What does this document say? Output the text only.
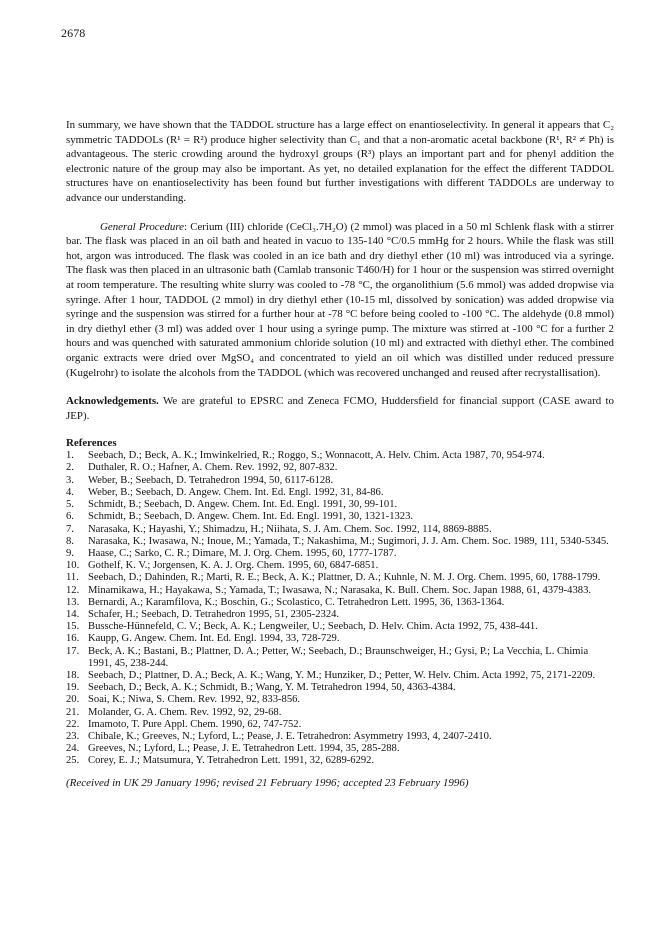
2678

In summary, we have shown that the TADDOL structure has a large effect on enantioselectivity. In general it appears that C₂ symmetric TADDOLs (R¹ = R²) produce higher selectivity than C₁ and that a non-aromatic acetal backbone (R¹, R² ≠ Ph) is advantageous. The steric crowding around the hydroxyl groups (R³) plays an important part and for phenyl addition the electronic nature of the group may also be important. As yet, no detailed explanation for the effect the different TADDOL structures have on enantioselectivity has been found but further investigations with different TADDOLs are underway to advance our understanding.

General Procedure: Cerium (III) chloride (CeCl₃.7H₂O) (2 mmol) was placed in a 50 ml Schlenk flask with a stirrer bar. The flask was placed in an oil bath and heated in vacuo to 135-140 °C/0.5 mmHg for 2 hours. While the flask was still hot, argon was introduced. The flask was cooled in an ice bath and dry diethyl ether (10 ml) was introduced via a syringe. The flask was then placed in an ultrasonic bath (Camlab transonic T460/H) for 1 hour or the suspension was stirred overnight at room temperature. The resulting white slurry was cooled to -78 °C, the organolithium (5.6 mmol) was added dropwise via syringe. After 1 hour, TADDOL (2 mmol) in dry diethyl ether (10-15 ml, dissolved by sonication) was added dropwise via syringe and the suspension was stirred for a further hour at -78 °C before being cooled to -100 °C. The aldehyde (0.8 mmol) in dry diethyl ether (3 ml) was added over 1 hour using a syringe pump. The mixture was stirred at -100 °C for a further 2 hours and was quenched with saturated ammonium chloride solution (10 ml) and extracted with diethyl ether. The combined organic extracts were dried over MgSO₄ and concentrated to yield an oil which was distilled under reduced pressure (Kugelrohr) to isolate the alcohols from the TADDOL (which was recovered unchanged and reused after recrystallisation).

Acknowledgements. We are grateful to EPSRC and Zeneca FCMO, Huddersfield for financial support (CASE award to JEP).

References
1.	Seebach, D.; Beck, A. K.; Imwinkelried, R.; Roggo, S.; Wonnacott, A. Helv. Chim. Acta 1987, 70, 954-974.
2.	Duthaler, R. O.; Hafner, A. Chem. Rev. 1992, 92, 807-832.
3.	Weber, B.; Seebach, D. Tetrahedron 1994, 50, 6117-6128.
4.	Weber, B.; Seebach, D. Angew. Chem. Int. Ed. Engl. 1992, 31, 84-86.
5.	Schmidt, B.; Seebach, D. Angew. Chem. Int. Ed. Engl. 1991, 30, 99-101.
6.	Schmidt, B.; Seebach, D. Angew. Chem. Int. Ed. Engl. 1991, 30, 1321-1323.
7.	Narasaka, K.; Hayashi, Y.; Shimadzu, H.; Niihata, S. J. Am. Chem. Soc. 1992, 114, 8869-8885.
8.	Narasaka, K.; Iwasawa, N.; Inoue, M.; Yamada, T.; Nakashima, M.; Sugimori, J. J. Am. Chem. Soc. 1989, 111, 5340-5345.
9.	Haase, C.; Sarko, C. R.; Dimare, M. J. Org. Chem. 1995, 60, 1777-1787.
10. Gothelf, K. V.; Jorgensen, K. A. J. Org. Chem. 1995, 60, 6847-6851.
11. Seebach, D.; Dahinden, R.; Marti, R. E.; Beck, A. K.; Plattner, D. A.; Kuhnle, N. M. J. Org. Chem. 1995, 60, 1788-1799.
12. Minamikawa, H.; Hayakawa, S.; Yamada, T.; Iwasawa, N.; Narasaka, K. Bull. Chem. Soc. Japan 1988, 61, 4379-4383.
13. Bernardi, A.; Karamfilova, K.; Boschin, G.; Scolastico, C. Tetrahedron Lett. 1995, 36, 1363-1364.
14. Schafer, H.; Seebach, D. Tetrahedron 1995, 51, 2305-2324.
15. Bussche-Hünnefeld, C. V.; Beck, A. K.; Lengweiler, U.; Seebach, D. Helv. Chim. Acta 1992, 75, 438-441.
16. Kaupp, G. Angew. Chem. Int. Ed. Engl. 1994, 33, 728-729.
17. Beck, A. K.; Bastani, B.; Plattner, D. A.; Petter, W.; Seebach, D.; Braunschweiger, H.; Gysi, P.; La Vecchia, L. Chimia 1991, 45, 238-244.
18. Seebach, D.; Plattner, D. A.; Beck, A. K.; Wang, Y. M.; Hunziker, D.; Petter, W. Helv. Chim. Acta 1992, 75, 2171-2209.
19. Seebach, D.; Beck, A. K.; Schmidt, B.; Wang, Y. M. Tetrahedron 1994, 50, 4363-4384.
20. Soai, K.; Niwa, S. Chem. Rev. 1992, 92, 833-856.
21. Molander, G. A. Chem. Rev. 1992, 92, 29-68.
22. Imamoto, T. Pure Appl. Chem. 1990, 62, 747-752.
23. Chibale, K.; Greeves, N.; Lyford, L.; Pease, J. E. Tetrahedron: Asymmetry 1993, 4, 2407-2410.
24. Greeves, N.; Lyford, L.; Pease, J. E. Tetrahedron Lett. 1994, 35, 285-288.
25. Corey, E. J.; Matsumura, Y. Tetrahedron Lett. 1991, 32, 6289-6292.
(Received in UK 29 January 1996; revised 21 February 1996; accepted 23 February 1996)
